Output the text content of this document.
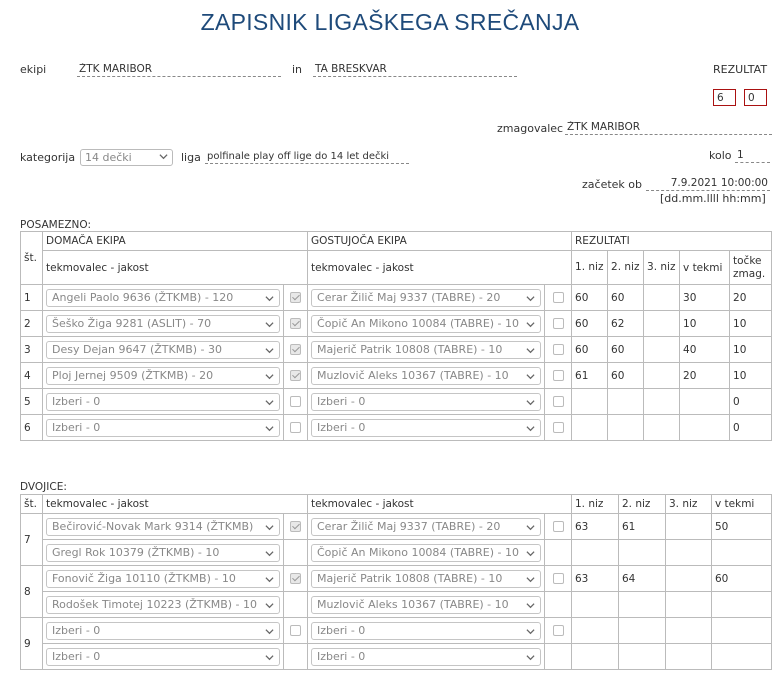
ZAPISNIK LIGAŠKEGA SREČANJA
ekipi	ŽTK MARIBOR	in TA BRESKVAR	REZULTAT
6	0
zmagovalec ŽTK MARIBOR
kategorija 14 dečki	liga polfinale play off lige do 14 let dečki	kolo 1
začetek ob	7.9.2021 10:00:00
[dd.mm.llll hh:mm]
POSAMEZNO:
št.	DOMAČA EKIPA		GOSTUJOČA EKIPA		REZULTATI				
	tekmovalec - jakost		tekmovalec - jakost		1. niz	2. niz	3. niz	v tekmi	točke zmag.
1	Angeli Paolo 9636 (ŽTKMB) - 120		Cerar Žilič Maj 9337 (TABRE) - 20		60	60		30	20
2	Šeško Žiga 9281 (ASLIT) - 70		Čopič An Mikono 10084 (TABRE) - 10		60	62		10	10
3	Desy Dejan 9647 (ŽTKMB) - 30		Majerič Patrik 10808 (TABRE) - 10		60	60		40	10
4	Ploj Jernej 9509 (ŽTKMB) - 20		Muzlovič Aleks 10367 (TABRE) - 10		61	60		20	10
5	Izberi - 0		Izberi - 0						0
6	Izberi - 0		Izberi - 0						0
DVOJICE:
št.	tekmovalec - jakost		tekmovalec - jakost		1. niz	2. niz	3. niz	v tekmi
7	Bečirović-Novak Mark 9314 (ŽTKMB)		Cerar Žilič Maj 9337 (TABRE) - 20		63	61		50

	Gregl Rok 10379 (ŽTKMB) - 10		Čopič An Mikono 10084 (TABRE) - 10					

8	Fonovič Žiga 10110 (ŽTKMB) - 10		Majerič Patrik 10808 (TABRE) - 10		63	64		60

	Rodošek Timotej 10223 (ŽTKMB) - 10		Muzlovič Aleks 10367 (TABRE) - 10					

9	Izberi - 0		Izberi - 0					

	Izberi - 0		Izberi - 0					
